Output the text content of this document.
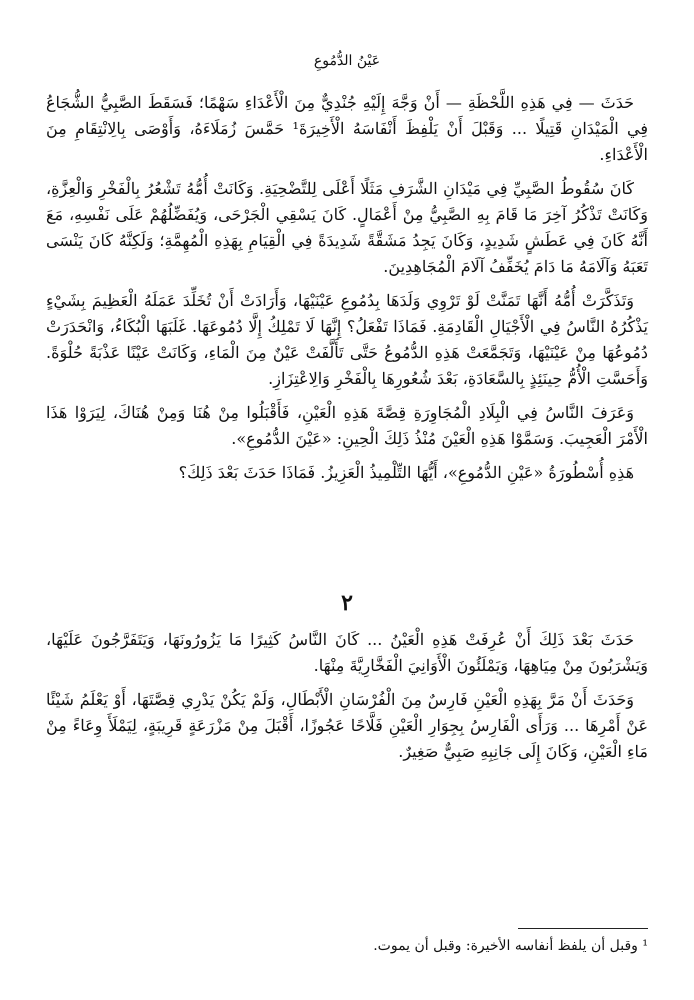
عَيْنُ الدُّمُوعِ

حَدَثَ — فِي هَذِهِ اللَّحْظَةِ — أَنْ وَجَّهَ إِلَيْهِ جُنْدِيٌّ مِنَ الْأَعْدَاءِ سَهْمًا؛ فَسَقَطَ الصَّبِيُّ الشُّجَاعُ فِي الْمَيْدَانِ قَتِيلًا ... وَقَبْلَ أَنْ يَلْفِظَ أَنْفَاسَهُ الْأَخِيرَةَ¹ حَمَّسَ زُمَلَاءَهُ، وَأَوْصَى بِالِانْتِقَامِ مِنَ الْأَعْدَاءِ.

كَانَ سُقُوطُ الصَّبِيِّ فِي مَيْدَانِ الشَّرَفِ مَثَلًا أَعْلَى لِلتَّضْحِيَةِ. وَكَانَتْ أُمُّهُ تَشْعُرُ بِالْفَخْرِ وَالْعِزَّةِ، وَكَانَتْ تَذْكُرُ آخِرَ مَا قَامَ بِهِ الصَّبِيُّ مِنْ أَعْمَالٍ. كَانَ يَسْقِي الْجَرْحَى، وَيُفَضِّلُهُمْ عَلَى نَفْسِهِ، مَعَ أَنَّهُ كَانَ فِي عَطَشٍ شَدِيدٍ، وَكَانَ يَجِدُ مَشَقَّةً شَدِيدَةً فِي الْقِيَامِ بِهَذِهِ الْمُهِمَّةِ؛ وَلَكِنَّهُ كَانَ يَنْسَى تَعَبَهُ وَآلَامَهُ مَا دَامَ يُخَفِّفُ آلَامَ الْمُجَاهِدِينَ.

وَتَذَكَّرَتْ أُمُّهُ أَنَّهَا تَمَنَّتْ لَوْ تَرْوِي وَلَدَهَا بِدُمُوعِ عَيْنَيْهَا، وَأَرَادَتْ أَنْ تُخَلِّدَ عَمَلَهُ الْعَظِيمَ بِشَيْءٍ يَذْكُرُهُ النَّاسُ فِي الْأَجْيَالِ الْقَادِمَةِ. فَمَاذَا تَفْعَلُ؟ إِنَّهَا لَا تَمْلِكُ إِلَّا دُمُوعَهَا. غَلَبَهَا الْبُكَاءُ، وَانْحَدَرَتْ دُمُوعُهَا مِنْ عَيْنَيْهَا، وَتَجَمَّعَتْ هَذِهِ الدُّمُوعُ حَتَّى تَأَلَّفَتْ عَيْنٌ مِنَ الْمَاءِ، وَكَانَتْ عَيْنًا عَذْبَةً حُلْوَةً. وَأَحَسَّتِ الْأُمُّ حِينَئِذٍ بِالسَّعَادَةِ، بَعْدَ شُعُورِهَا بِالْفَخْرِ وَالِاعْتِزَازِ.

وَعَرَفَ النَّاسُ فِي الْبِلَادِ الْمُجَاوِرَةِ قِصَّةَ هَذِهِ الْعَيْنِ، فَأَقْبَلُوا مِنْ هُنَا وَمِنْ هُنَاكَ، لِيَرَوْا هَذَا الْأَمْرَ الْعَجِيبَ. وَسَمَّوْا هَذِهِ الْعَيْنَ مُنْذُ ذَلِكَ الْحِينِ: «عَيْنَ الدُّمُوعِ».

هَذِهِ أُسْطُورَةُ «عَيْنِ الدُّمُوعِ»، أَيُّهَا التِّلْمِيذُ الْعَزِيزُ. فَمَاذَا حَدَثَ بَعْدَ ذَلِكَ؟

٢

حَدَثَ بَعْدَ ذَلِكَ أَنْ عُرِفَتْ هَذِهِ الْعَيْنُ ... كَانَ النَّاسُ كَثِيرًا مَا يَزُورُونَهَا، وَيَتَفَرَّجُونَ عَلَيْهَا، وَيَشْرَبُونَ مِنْ مِيَاهِهَا، وَيَمْلَئُونَ الْأَوَانِيَ الْفَخَّارِيَّةَ مِنْهَا.

وَحَدَثَ أَنْ مَرَّ بِهَذِهِ الْعَيْنِ فَارِسٌ مِنَ الْفُرْسَانِ الْأَبْطَالِ، وَلَمْ يَكُنْ يَدْرِي قِصَّتَهَا، أَوْ يَعْلَمُ شَيْئًا عَنْ أَمْرِهَا ... وَرَأَى الْفَارِسُ بِجِوَارِ الْعَيْنِ فَلَّاحًا عَجُوزًا، أَقْبَلَ مِنْ مَزْرَعَةٍ قَرِيبَةٍ، لِيَمْلَأَ وِعَاءً مِنْ مَاءِ الْعَيْنِ، وَكَانَ إِلَى جَانِبِهِ صَبِيٌّ صَغِيرٌ.

¹ وقبل أن يلفظ أنفاسه الأخيرة: وقبل أن يموت.
